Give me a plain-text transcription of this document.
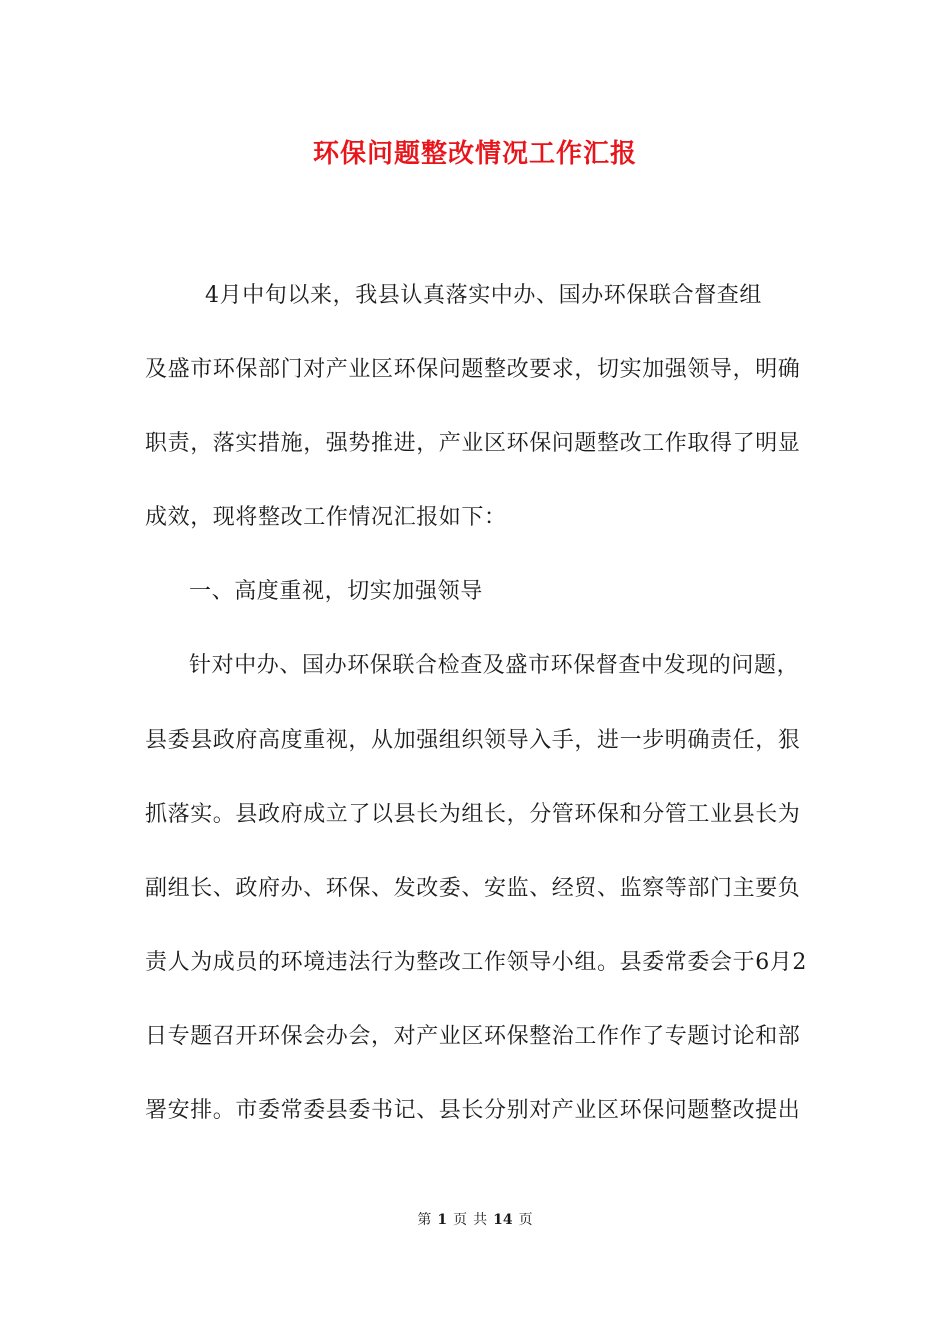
环保问题整改情况工作汇报

4月中旬以来，我县认真落实中办、国办环保联合督查组

及盛市环保部门对产业区环保问题整改要求，切实加强领导，明确

职责，落实措施，强势推进，产业区环保问题整改工作取得了明显

成效，现将整改工作情况汇报如下：

一、高度重视，切实加强领导

针对中办、国办环保联合检查及盛市环保督查中发现的问题，

县委县政府高度重视，从加强组织领导入手，进一步明确责任，狠

抓落实。县政府成立了以县长为组长，分管环保和分管工业县长为

副组长、政府办、环保、发改委、安监、经贸、监察等部门主要负

责人为成员的环境违法行为整改工作领导小组。县委常委会于6月2

日专题召开环保会办会，对产业区环保整治工作作了专题讨论和部

署安排。市委常委县委书记、县长分别对产业区环保问题整改提出

第 1 页 共 14 页
